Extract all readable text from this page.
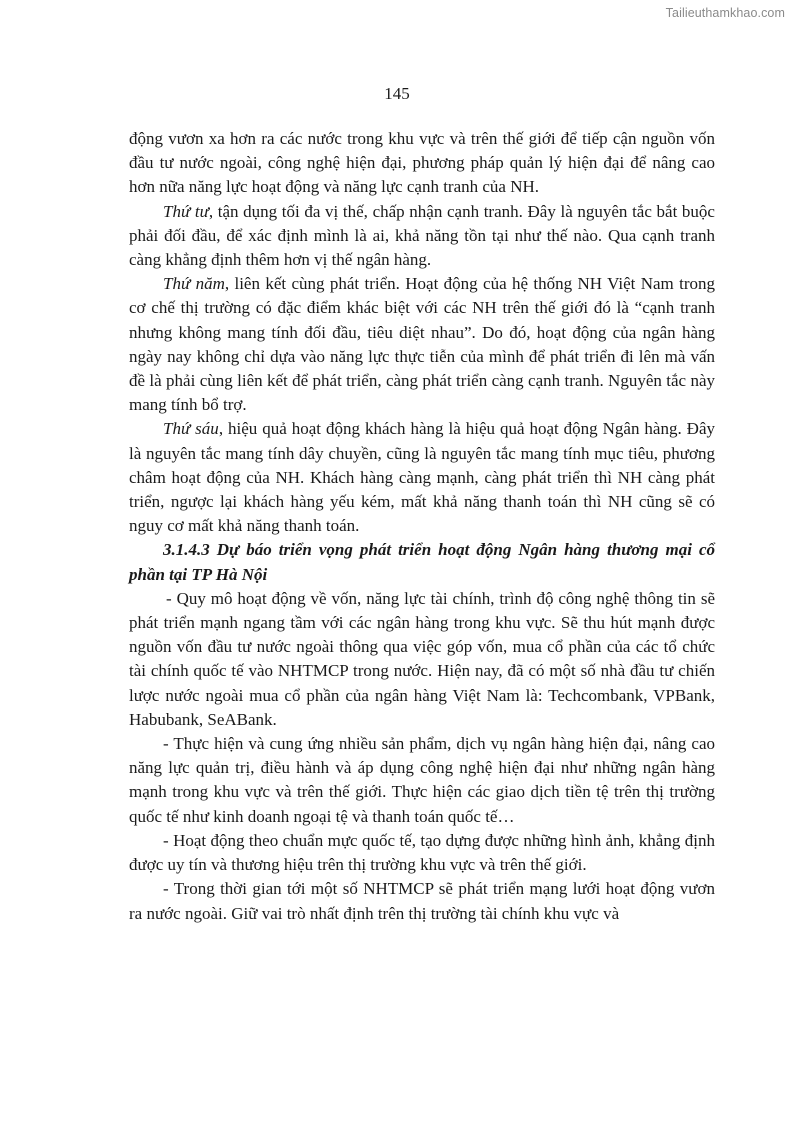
Tailieuthamkhao.com
145

động vươn xa hơn ra các nước trong khu vực và trên thế giới để tiếp cận nguồn vốn đầu tư nước ngoài, công nghệ hiện đại, phương pháp quản lý hiện đại để nâng cao hơn nữa năng lực hoạt động và năng lực cạnh tranh của NH.

Thứ tư, tận dụng tối đa vị thế, chấp nhận cạnh tranh. Đây là nguyên tắc bắt buộc phải đối đầu, để xác định mình là ai, khả năng tồn tại như thế nào. Qua cạnh tranh càng khẳng định thêm hơn vị thế ngân hàng.

Thứ năm, liên kết cùng phát triển. Hoạt động của hệ thống NH Việt Nam trong cơ chế thị trường có đặc điểm khác biệt với các NH trên thế giới đó là “cạnh tranh nhưng không mang tính đối đầu, tiêu diệt nhau”. Do đó, hoạt động của ngân hàng ngày nay không chỉ dựa vào năng lực thực tiễn của mình để phát triển đi lên mà vấn đề là phải cùng liên kết để phát triển, càng phát triển càng cạnh tranh. Nguyên tắc này mang tính bổ trợ.

Thứ sáu, hiệu quả hoạt động khách hàng là hiệu quả hoạt động Ngân hàng. Đây là nguyên tắc mang tính dây chuyền, cũng là nguyên tắc mang tính mục tiêu, phương châm hoạt động của NH. Khách hàng càng mạnh, càng phát triển thì NH càng phát triển, ngược lại khách hàng yếu kém, mất khả năng thanh toán thì NH cũng sẽ có nguy cơ mất khả năng thanh toán.

3.1.4.3 Dự báo triển vọng phát triển hoạt động Ngân hàng thương mại cổ phần tại TP Hà Nội

- Quy mô hoạt động về vốn, năng lực tài chính, trình độ công nghệ thông tin sẽ phát triển mạnh ngang tầm với các ngân hàng trong khu vực. Sẽ thu hút mạnh được nguồn vốn đầu tư nước ngoài thông qua việc góp vốn, mua cổ phần của các tổ chức tài chính quốc tế vào NHTMCP trong nước. Hiện nay, đã có một số nhà đầu tư chiến lược nước ngoài mua cổ phần của ngân hàng Việt Nam là: Techcombank, VPBank, Habubank, SeABank.

- Thực hiện và cung ứng nhiều sản phẩm, dịch vụ ngân hàng hiện đại, nâng cao năng lực quản trị, điều hành và áp dụng công nghệ hiện đại như những ngân hàng mạnh trong khu vực và trên thế giới. Thực hiện các giao dịch tiền tệ trên thị trường quốc tế như kinh doanh ngoại tệ và thanh toán quốc tế…

- Hoạt động theo chuẩn mực quốc tế, tạo dựng được những hình ảnh, khẳng định được uy tín và thương hiệu trên thị trường khu vực và trên thế giới.

- Trong thời gian tới một số NHTMCP sẽ phát triển mạng lưới hoạt động vươn ra nước ngoài. Giữ vai trò nhất định trên thị trường tài chính khu vực và
